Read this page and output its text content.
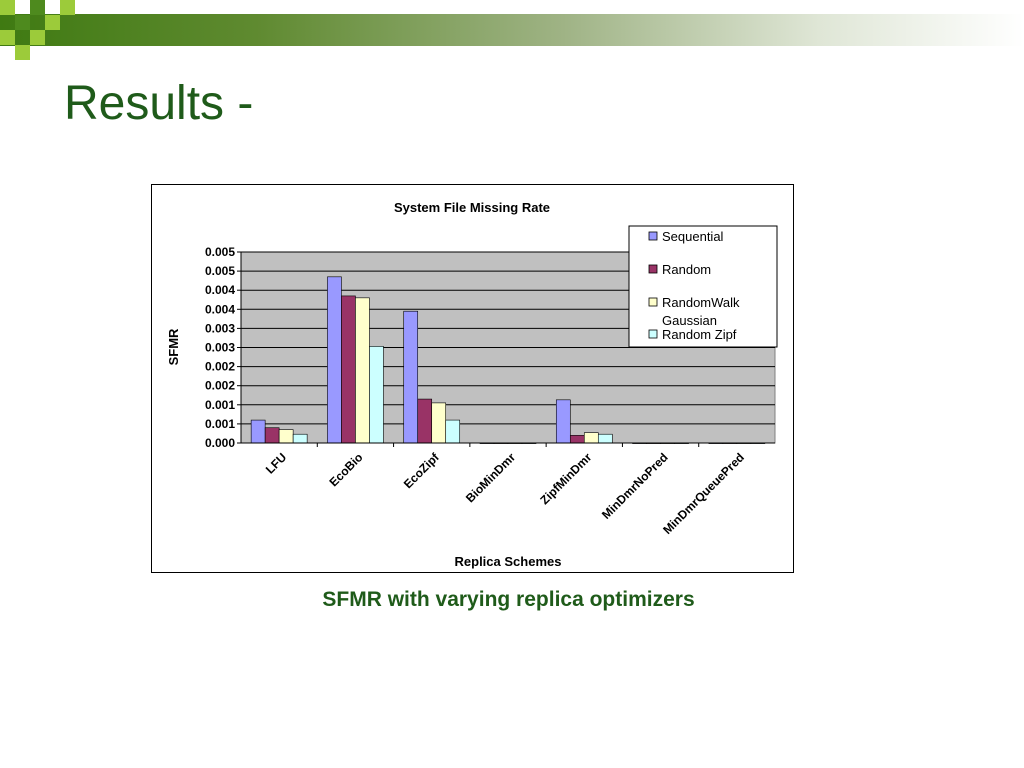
Results -
System File Missing Rate
0.000
0.001
0.001
0.002
0.002
0.003
0.003
0.004
0.004
0.005
0.005
LFU	EcoBio	EcoZipf BioMinDmr ZipfMinDmr MinDmrNoPred
MinDmrQueuePred
SFMR
Replica Schemes
Sequential
Random
RandomWalk Gaussian
Random Zipf
SFMR with varying replica optimizers
